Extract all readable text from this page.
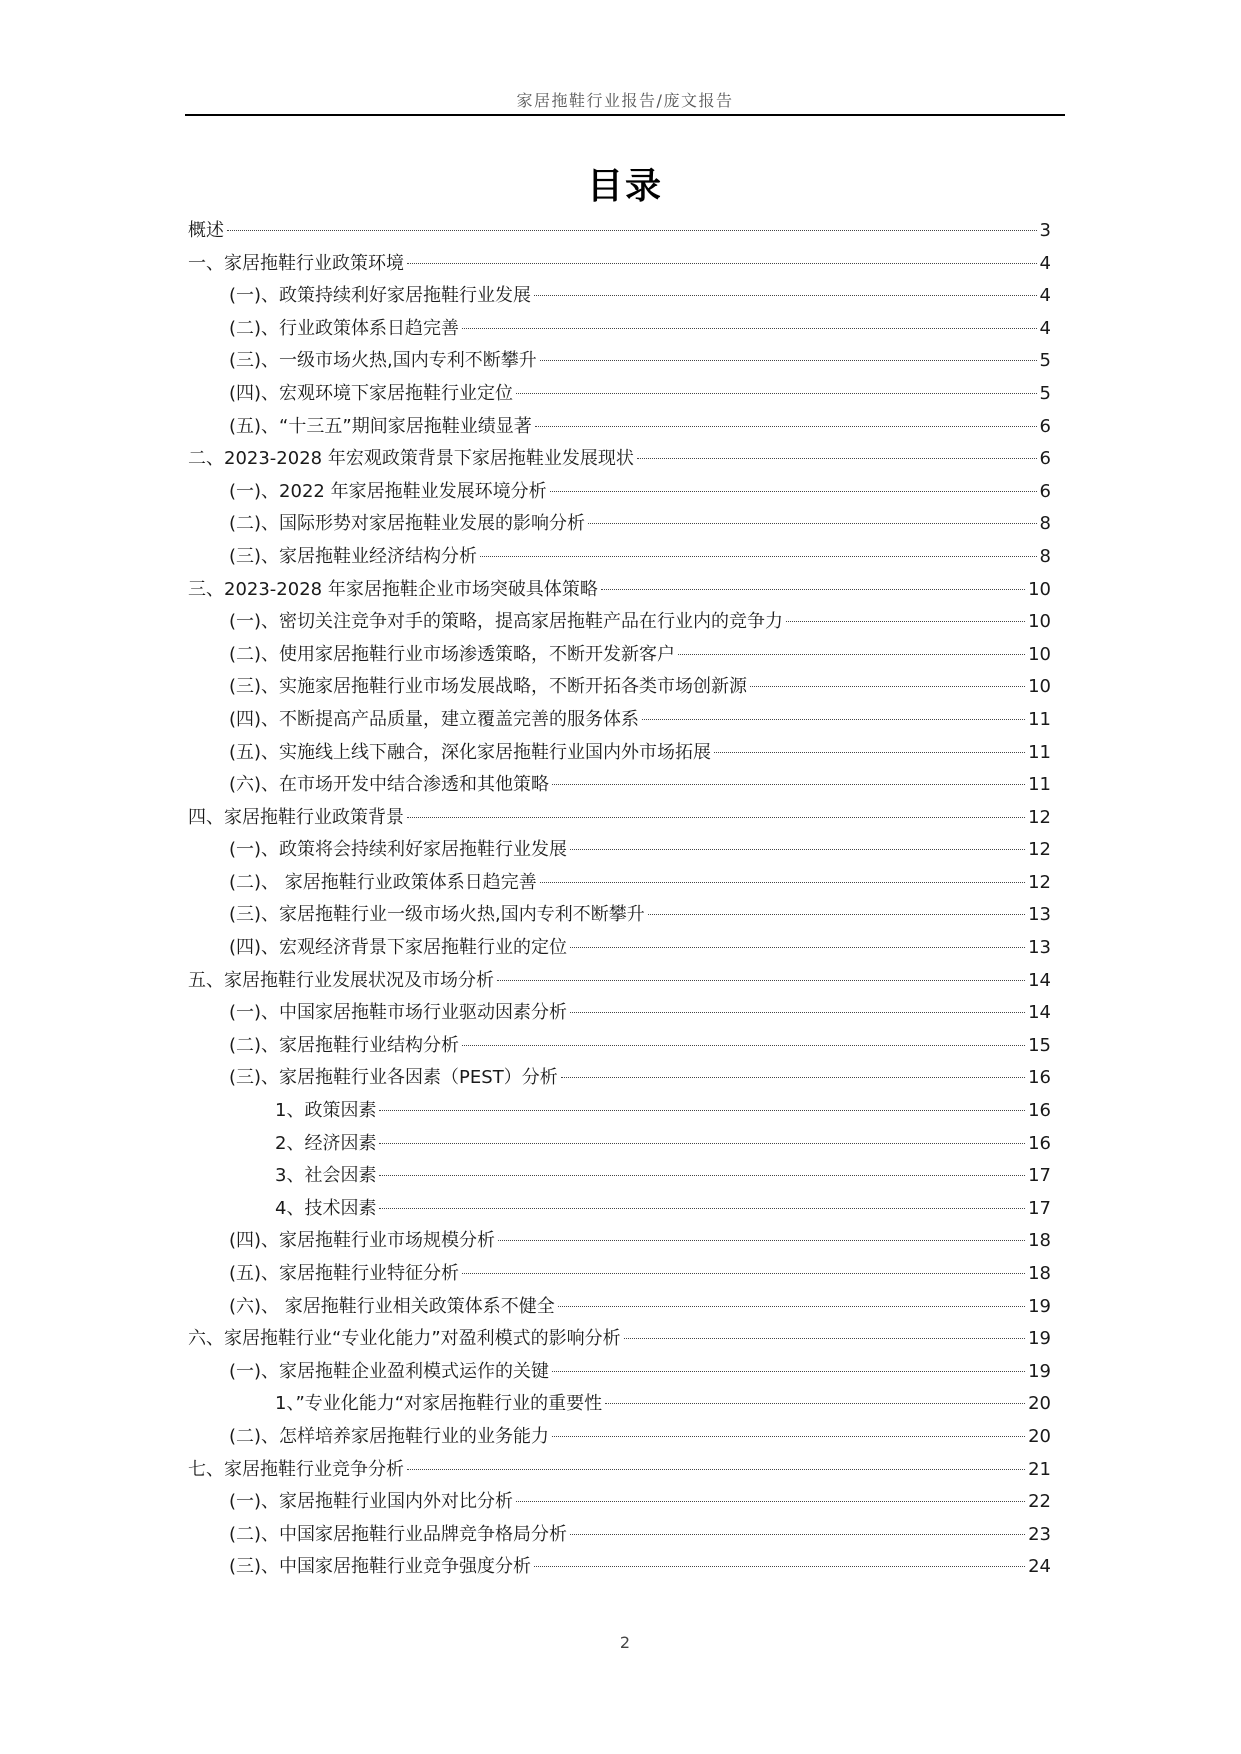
家居拖鞋行业报告/庞文报告
目录
概述	3
一、家居拖鞋行业政策环境	4
(一)、政策持续利好家居拖鞋行业发展	4
(二)、行业政策体系日趋完善	4
(三)、一级市场火热,国内专利不断攀升	5
(四)、宏观环境下家居拖鞋行业定位	5
(五)、“十三五”期间家居拖鞋业绩显著	6
二、2023-2028 年宏观政策背景下家居拖鞋业发展现状	6
(一)、2022 年家居拖鞋业发展环境分析	6
(二)、国际形势对家居拖鞋业发展的影响分析	8
(三)、家居拖鞋业经济结构分析	8
三、2023-2028 年家居拖鞋企业市场突破具体策略	10
(一)、密切关注竞争对手的策略，提高家居拖鞋产品在行业内的竞争力	10
(二)、使用家居拖鞋行业市场渗透策略，不断开发新客户	10
(三)、实施家居拖鞋行业市场发展战略，不断开拓各类市场创新源	10
(四)、不断提高产品质量，建立覆盖完善的服务体系	11
(五)、实施线上线下融合，深化家居拖鞋行业国内外市场拓展	11
(六)、在市场开发中结合渗透和其他策略	11
四、家居拖鞋行业政策背景	12
(一)、政策将会持续利好家居拖鞋行业发展	12
(二)、 家居拖鞋行业政策体系日趋完善	12
(三)、家居拖鞋行业一级市场火热,国内专利不断攀升	13
(四)、宏观经济背景下家居拖鞋行业的定位	13
五、家居拖鞋行业发展状况及市场分析	14
(一)、中国家居拖鞋市场行业驱动因素分析	14
(二)、家居拖鞋行业结构分析	15
(三)、家居拖鞋行业各因素（PEST）分析	16
1、政策因素	16
2、经济因素	16
3、社会因素	17
4、技术因素	17
(四)、家居拖鞋行业市场规模分析	18
(五)、家居拖鞋行业特征分析	18
(六)、 家居拖鞋行业相关政策体系不健全	19
六、家居拖鞋行业“专业化能力”对盈利模式的影响分析	19
(一)、家居拖鞋企业盈利模式运作的关键	19
1、”专业化能力“对家居拖鞋行业的重要性	20
(二)、怎样培养家居拖鞋行业的业务能力	20
七、家居拖鞋行业竞争分析	21
(一)、家居拖鞋行业国内外对比分析	22
(二)、中国家居拖鞋行业品牌竞争格局分析	23
(三)、中国家居拖鞋行业竞争强度分析	24
2
